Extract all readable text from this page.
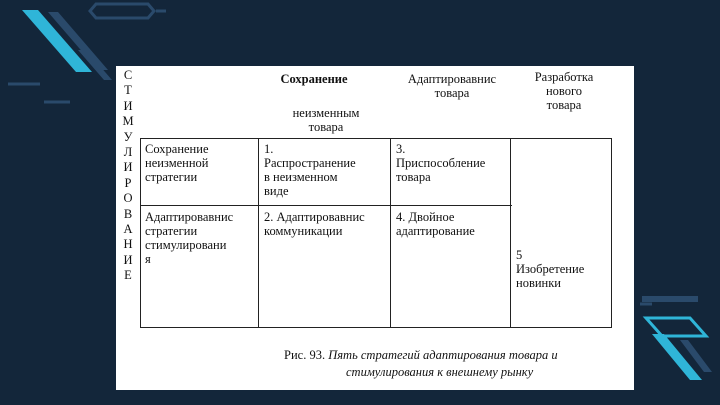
С
Т
И
М
У
Л
И
Р
О
В
А
Н
И
Е
Сохранение
неизменным
товара
Адаптировавнис
товара
Разработка
нового
товара
Сохранение
неизменной
стратегии
1.
Распространение
в неизменном
виде
3.
Приспособление
товара
Адаптировавнис
стратегии
стимулировани
я
2. Адаптировавнис
коммуникации
4. Двойное
адаптирование
5
Изобретение
новинки
Рис. 93. Пять стратегий адаптирования товара и
стимулирования к внешнему рынку
